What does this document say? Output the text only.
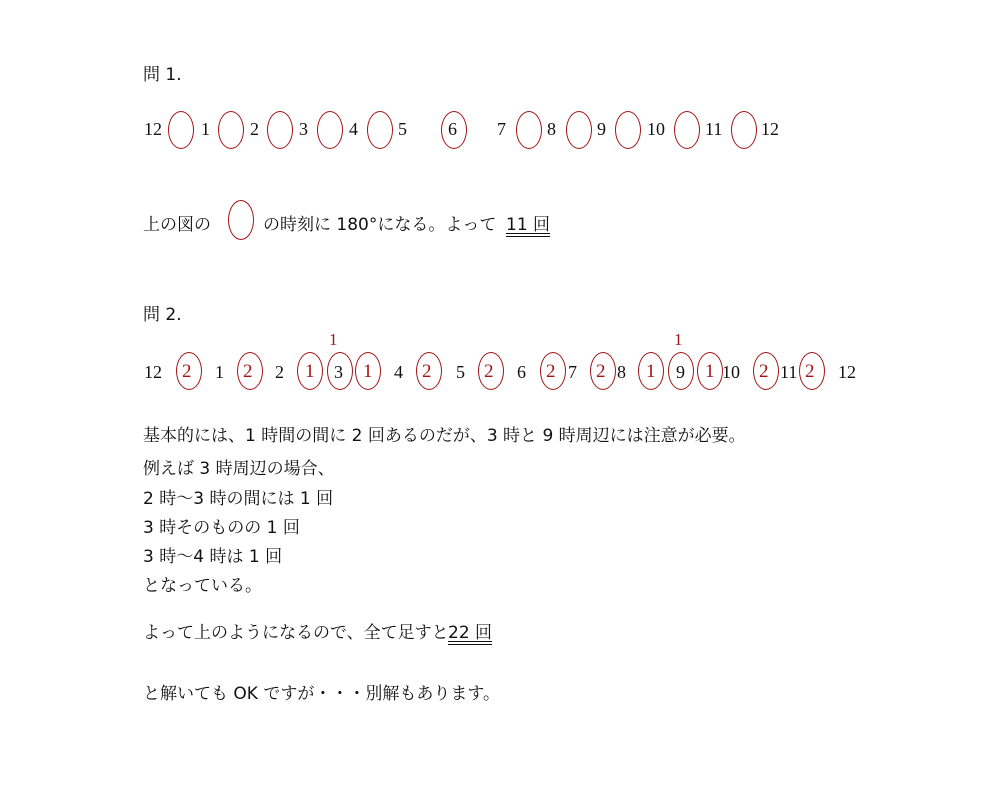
問 1.
12 1 2 3 4 5 6 7 8 9 10 11 12
上の図の	の時刻に 180°になる。よって 11 回
問 2.
1	1
12	1	2	3	4	5	6 7 8	9 10 11 12
2	2	1	1	2	2	2 2 1	1 2 2
基本的には、1 時間の間に 2 回あるのだが、3 時と 9 時周辺には注意が必要。
例えば 3 時周辺の場合、
2 時～3 時の間には 1 回
3 時そのものの 1 回
3 時～4 時は 1 回
となっている。
よって上のようになるので、全て足すと 22 回
と解いても OK ですが・・・別解もあります。
